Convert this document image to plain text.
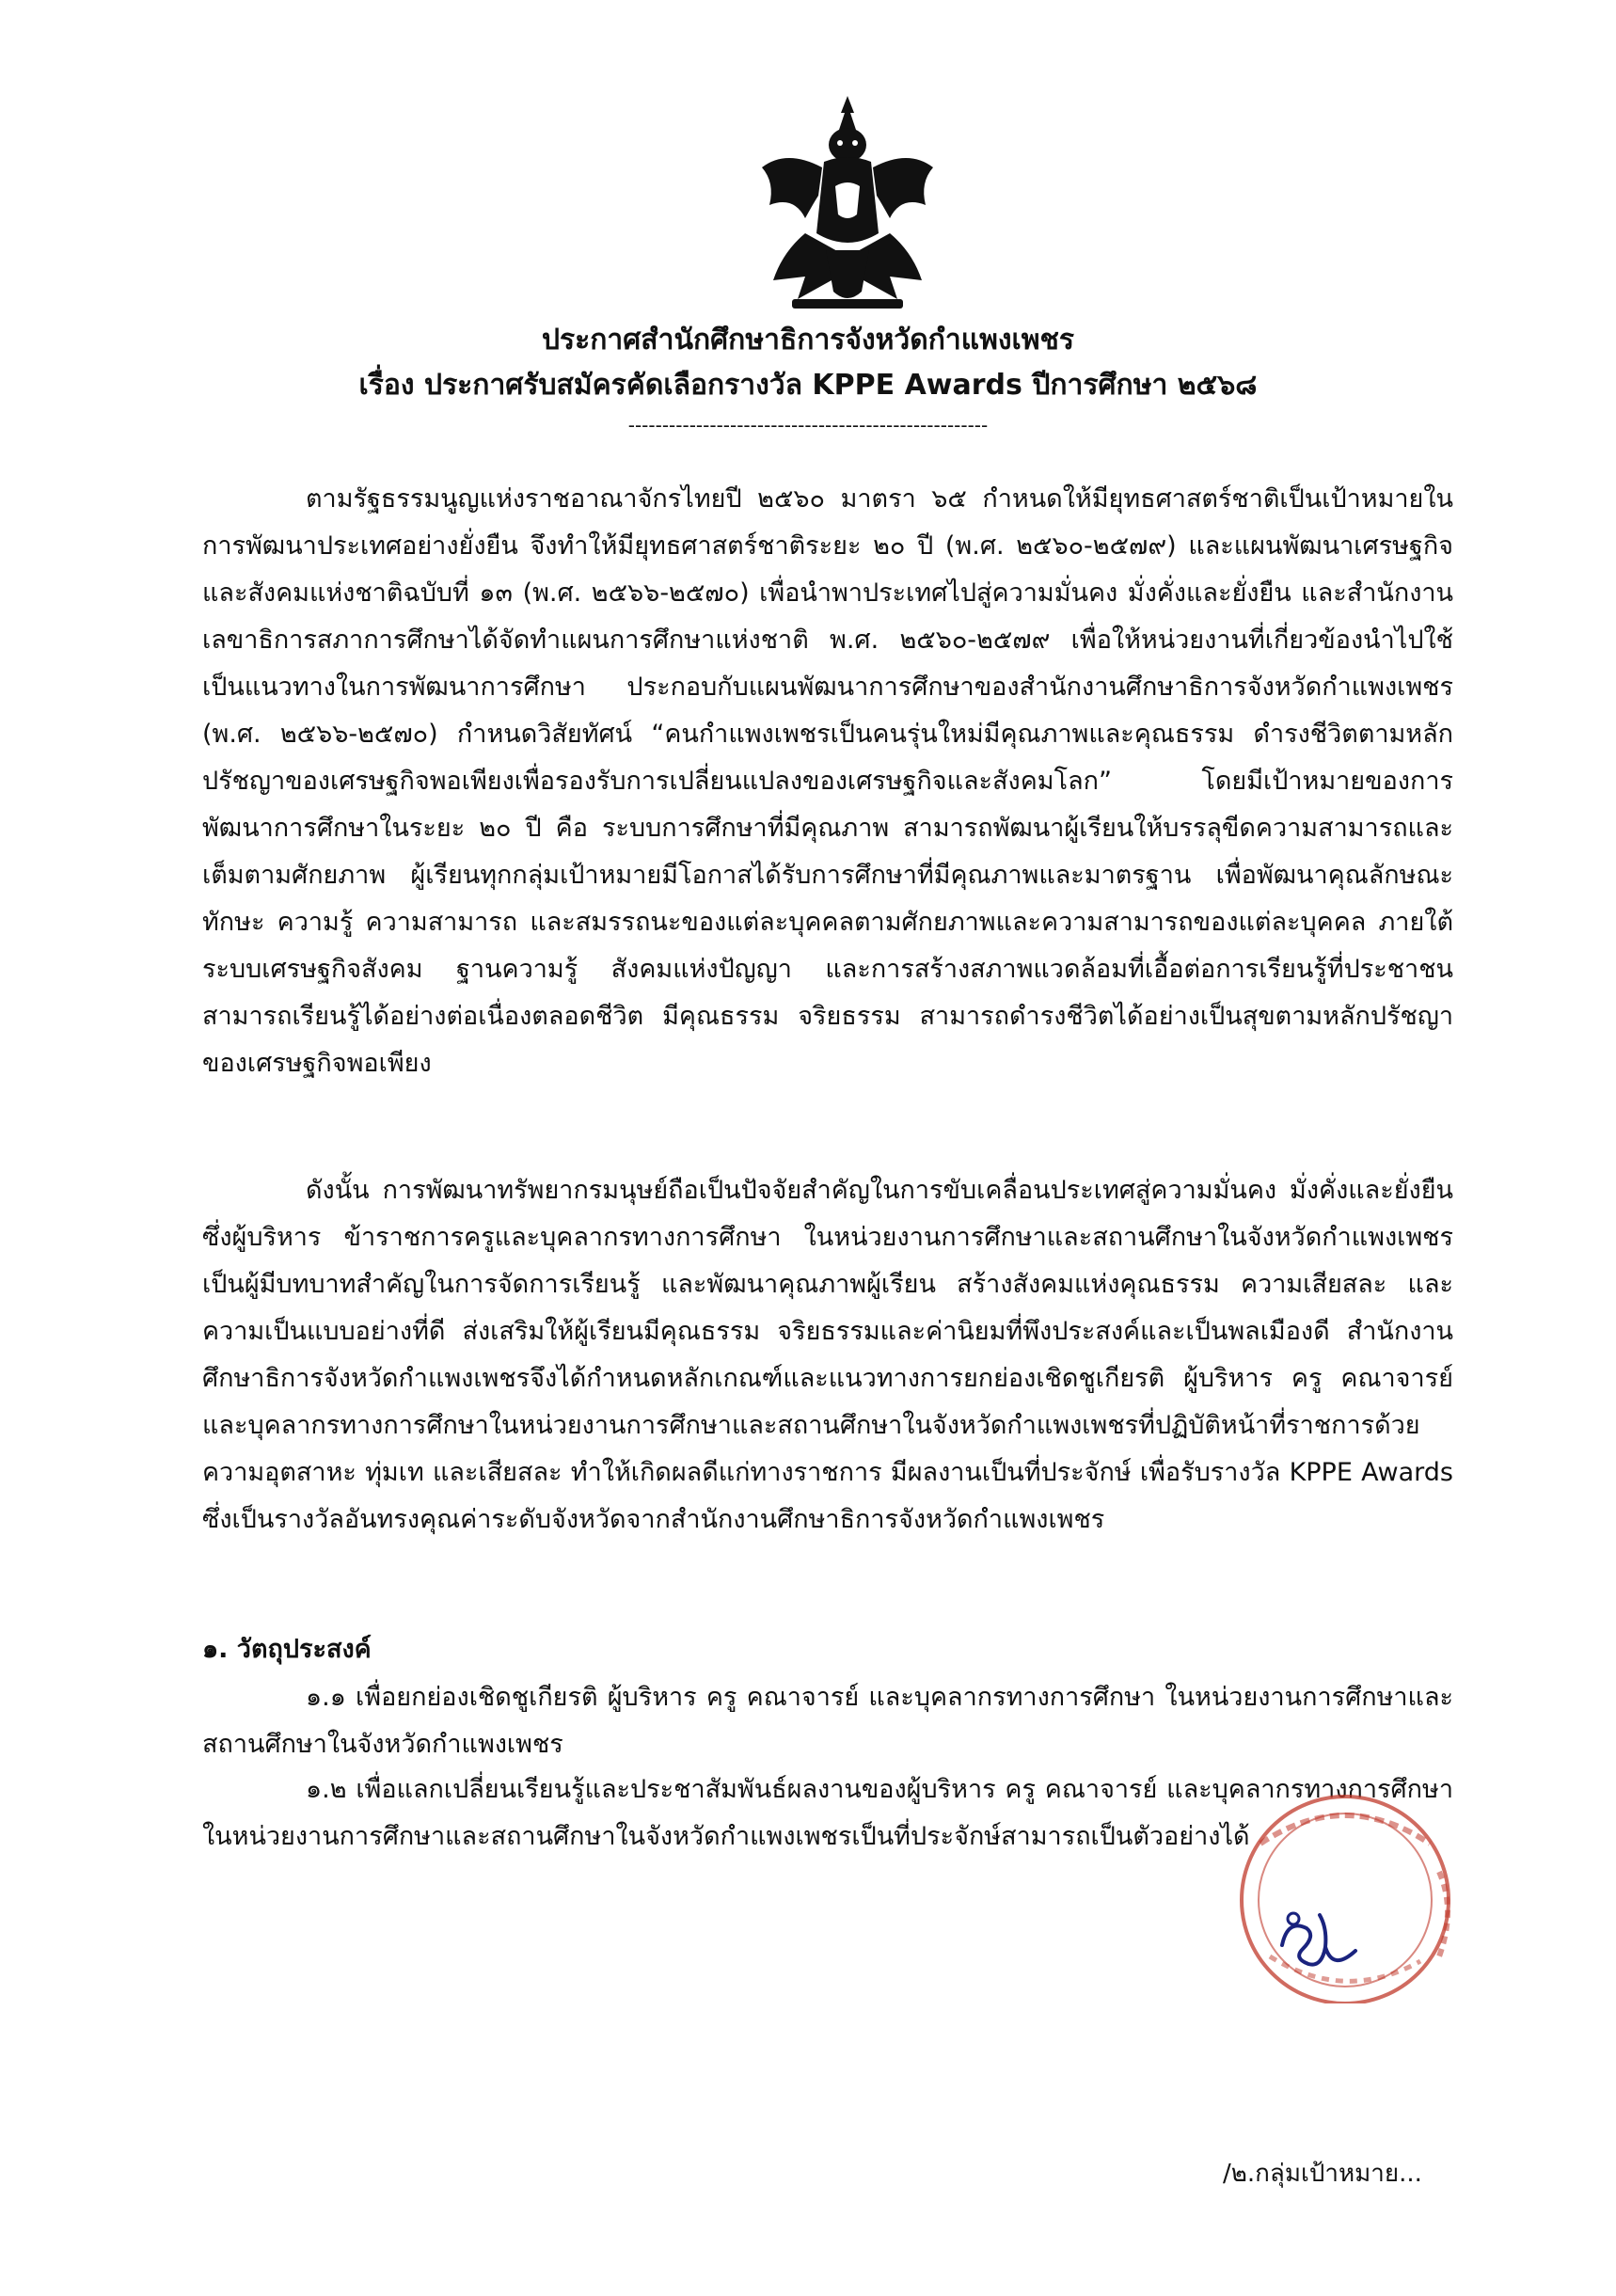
ประกาศสำนักศึกษาธิการจังหวัดกำแพงเพชร
เรื่อง ประกาศรับสมัครคัดเลือกรางวัล KPPE Awards ปีการศึกษา ๒๕๖๘
-----------------------------------------------------

ตามรัฐธรรมนูญแห่งราชอาณาจักรไทยปี ๒๕๖๐ มาตรา ๖๕ กำหนดให้มียุทธศาสตร์ชาติเป็นเป้าหมายในการพัฒนาประเทศอย่างยั่งยืน จึงทำให้มียุทธศาสตร์ชาติระยะ ๒๐ ปี (พ.ศ. ๒๕๖๐-๒๕๗๙) และแผนพัฒนาเศรษฐกิจและสังคมแห่งชาติฉบับที่ ๑๓ (พ.ศ. ๒๕๖๖-๒๕๗๐) เพื่อนำพาประเทศไปสู่ความมั่นคง มั่งคั่งและยั่งยืน และสำนักงานเลขาธิการสภาการศึกษาได้จัดทำแผนการศึกษาแห่งชาติ พ.ศ. ๒๕๖๐-๒๕๗๙ เพื่อให้หน่วยงานที่เกี่ยวข้องนำไปใช้เป็นแนวทางในการพัฒนาการศึกษา ประกอบกับแผนพัฒนาการศึกษาของสำนักงานศึกษาธิการจังหวัดกำแพงเพชร (พ.ศ. ๒๕๖๖-๒๕๗๐) กำหนดวิสัยทัศน์ “คนกำแพงเพชรเป็นคนรุ่นใหม่มีคุณภาพและคุณธรรม ดำรงชีวิตตามหลักปรัชญาของเศรษฐกิจพอเพียงเพื่อรองรับการเปลี่ยนแปลงของเศรษฐกิจและสังคมโลก” โดยมีเป้าหมายของการพัฒนาการศึกษาในระยะ ๒๐ ปี คือ ระบบการศึกษาที่มีคุณภาพ สามารถพัฒนาผู้เรียนให้บรรลุขีดความสามารถและเต็มตามศักยภาพ ผู้เรียนทุกกลุ่มเป้าหมายมีโอกาสได้รับการศึกษาที่มีคุณภาพและมาตรฐาน เพื่อพัฒนาคุณลักษณะ ทักษะ ความรู้ ความสามารถ และสมรรถนะของแต่ละบุคคลตามศักยภาพและความสามารถของแต่ละบุคคล ภายใต้ระบบเศรษฐกิจสังคม ฐานความรู้ สังคมแห่งปัญญา และการสร้างสภาพแวดล้อมที่เอื้อต่อการเรียนรู้ที่ประชาชนสามารถเรียนรู้ได้อย่างต่อเนื่องตลอดชีวิต มีคุณธรรม จริยธรรม สามารถดำรงชีวิตได้อย่างเป็นสุขตามหลักปรัชญาของเศรษฐกิจพอเพียง

ดังนั้น การพัฒนาทรัพยากรมนุษย์ถือเป็นปัจจัยสำคัญในการขับเคลื่อนประเทศสู่ความมั่นคง มั่งคั่งและยั่งยืน ซึ่งผู้บริหาร ข้าราชการครูและบุคลากรทางการศึกษา ในหน่วยงานการศึกษาและสถานศึกษาในจังหวัดกำแพงเพชร เป็นผู้มีบทบาทสำคัญในการจัดการเรียนรู้ และพัฒนาคุณภาพผู้เรียน สร้างสังคมแห่งคุณธรรม ความเสียสละ และความเป็นแบบอย่างที่ดี ส่งเสริมให้ผู้เรียนมีคุณธรรม จริยธรรมและค่านิยมที่พึงประสงค์และเป็นพลเมืองดี สำนักงานศึกษาธิการจังหวัดกำแพงเพชรจึงได้กำหนดหลักเกณฑ์และแนวทางการยกย่องเชิดชูเกียรติ ผู้บริหาร ครู คณาจารย์ และบุคลากรทางการศึกษาในหน่วยงานการศึกษาและสถานศึกษาในจังหวัดกำแพงเพชรที่ปฏิบัติหน้าที่ราชการด้วยความอุตสาหะ ทุ่มเท และเสียสละ ทำให้เกิดผลดีแก่ทางราชการ มีผลงานเป็นที่ประจักษ์ เพื่อรับรางวัล KPPE Awards ซึ่งเป็นรางวัลอันทรงคุณค่าระดับจังหวัดจากสำนักงานศึกษาธิการจังหวัดกำแพงเพชร

๑. วัตถุประสงค์

๑.๑ เพื่อยกย่องเชิดชูเกียรติ ผู้บริหาร ครู คณาจารย์ และบุคลากรทางการศึกษา ในหน่วยงานการศึกษาและสถานศึกษาในจังหวัดกำแพงเพชร

๑.๒ เพื่อแลกเปลี่ยนเรียนรู้และประชาสัมพันธ์ผลงานของผู้บริหาร ครู คณาจารย์ และบุคลากรทางการศึกษาในหน่วยงานการศึกษาและสถานศึกษาในจังหวัดกำแพงเพชรเป็นที่ประจักษ์สามารถเป็นตัวอย่างได้

/๒.กลุ่มเป้าหมาย...
